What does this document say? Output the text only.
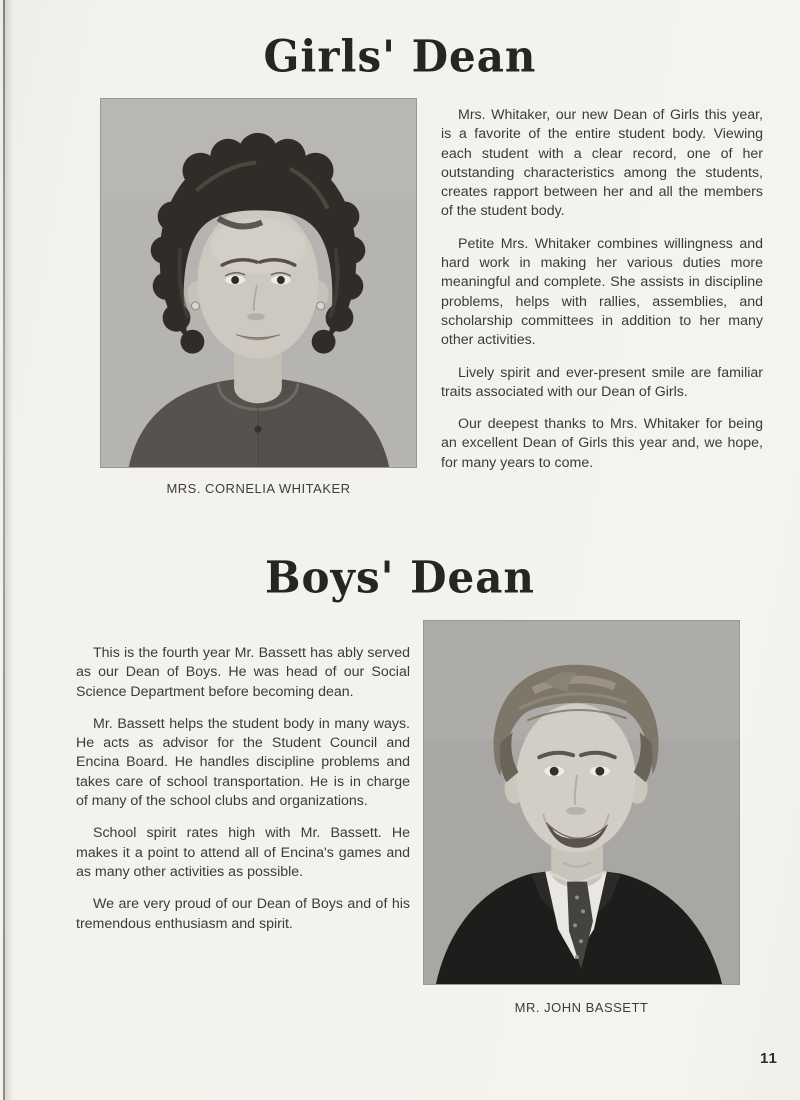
Girls' Dean
MRS. CORNELIA WHITAKER

Mrs. Whitaker, our new Dean of Girls this year, is a favorite of the entire student body. Viewing each student with a clear record, one of her outstanding characteristics among the students, creates rapport between her and all the members of the student body.

Petite Mrs. Whitaker combines willingness and hard work in making her various duties more meaningful and complete. She assists in discipline problems, helps with rallies, assemblies, and scholarship committees in addition to her many other activities.

Lively spirit and ever-present smile are familiar traits associated with our Dean of Girls.

Our deepest thanks to Mrs. Whitaker for being an excellent Dean of Girls this year and, we hope, for many years to come.

Boys' Dean

This is the fourth year Mr. Bassett has ably served as our Dean of Boys. He was head of our Social Science Department before becoming dean.

Mr. Bassett helps the student body in many ways. He acts as advisor for the Student Council and Encina Board. He handles discipline problems and takes care of school transportation. He is in charge of many of the school clubs and organizations.

School spirit rates high with Mr. Bassett. He makes it a point to attend all of Encina's games and as many other activities as possible.

We are very proud of our Dean of Boys and of his tremendous enthusiasm and spirit.

MR. JOHN BASSETT
11
